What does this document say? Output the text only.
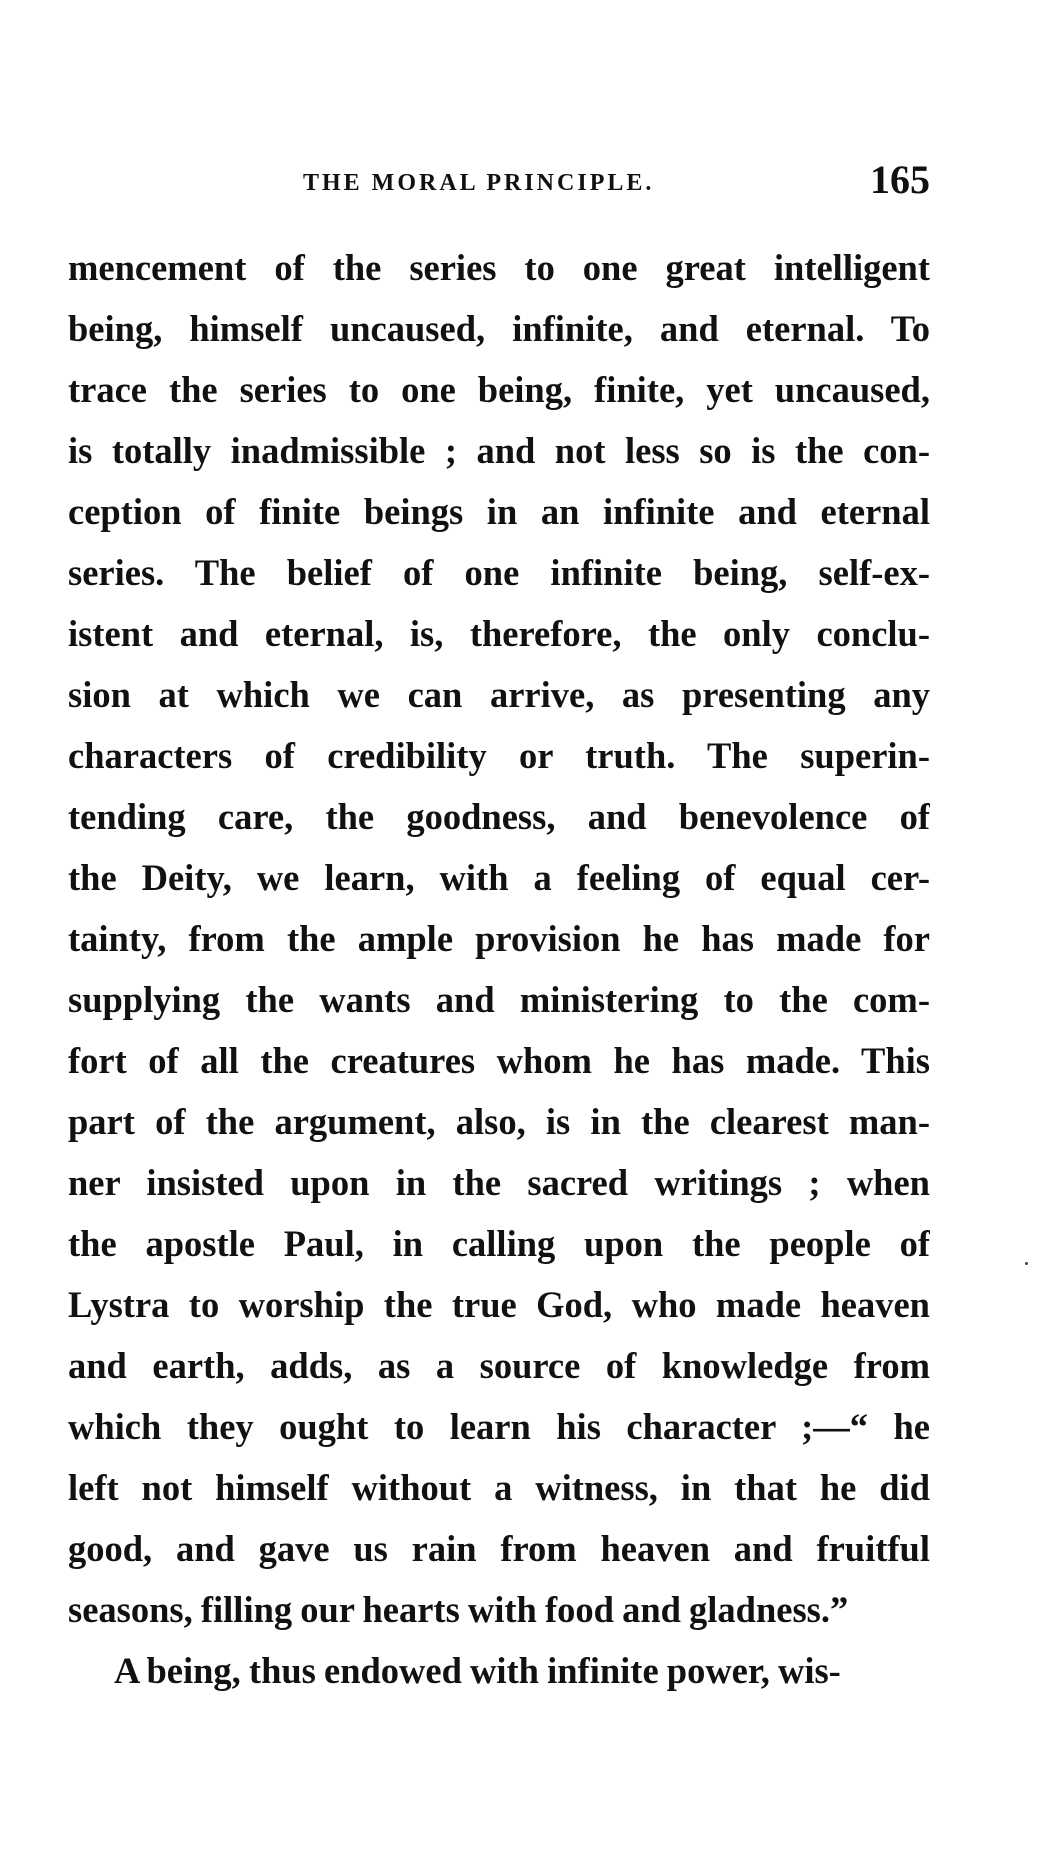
THE MORAL PRINCIPLE.	165
mencement of the series to one great intelligent
being, himself uncaused, infinite, and eternal. To
trace the series to one being, finite, yet uncaused,
is totally inadmissible ; and not less so is the con-
ception of finite beings in an infinite and eternal
series. The belief of one infinite being, self-ex-
istent and eternal, is, therefore, the only conclu-
sion at which we can arrive, as presenting any
characters of credibility or truth. The superin-
tending care, the goodness, and benevolence of
the Deity, we learn, with a feeling of equal cer-
tainty, from the ample provision he has made for
supplying the wants and ministering to the com-
fort of all the creatures whom he has made. This
part of the argument, also, is in the clearest man-
ner insisted upon in the sacred writings ; when
the apostle Paul, in calling upon the people of
Lystra to worship the true God, who made heaven
and earth, adds, as a source of knowledge from
which they ought to learn his character ;—“ he
left not himself without a witness, in that he did
good, and gave us rain from heaven and fruitful
seasons, filling our hearts with food and gladness.”
A being, thus endowed with infinite power, wis-
